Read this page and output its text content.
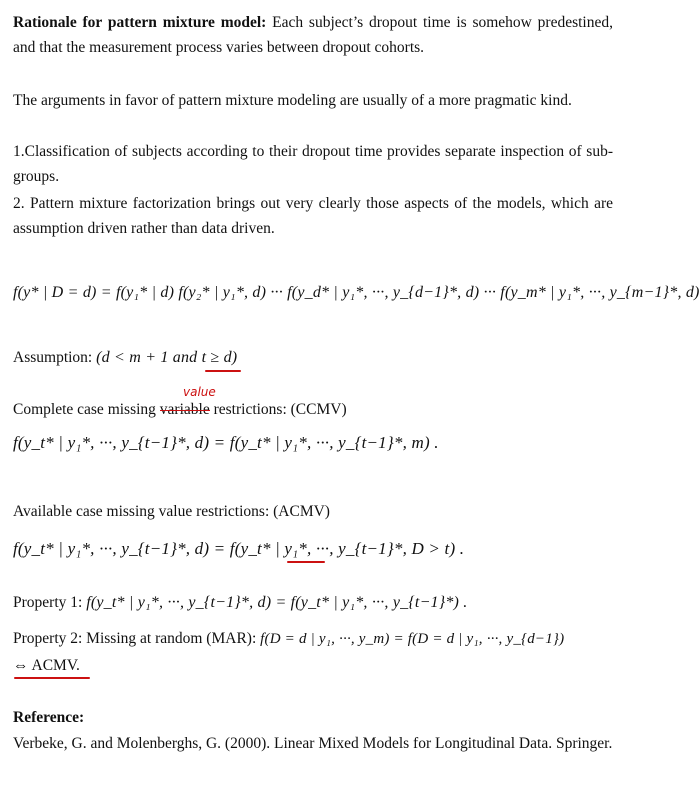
Rationale for pattern mixture model: Each subject’s dropout time is somehow predestined, and that the measurement process varies between dropout cohorts.
The arguments in favor of pattern mixture modeling are usually of a more pragmatic kind.
1.Classification of subjects according to their dropout time provides separate inspection of sub-groups.
2. Pattern mixture factorization brings out very clearly those aspects of the models, which are assumption driven rather than data driven.
f(y* | D = d) = f(y₁* | d) f(y₂* | y₁*, d) ··· f(y_d* | y₁*, ···, y_{d−1}*, d) ··· f(y_m* | y₁*, ···, y_{m−1}*, d)
Assumption: (d < m + 1 and t ≥ d)
value
Complete case missing variable restrictions: (CCMV)
f(y_t* | y₁*, ···, y_{t−1}*, d) = f(y_t* | y₁*, ···, y_{t−1}*, m) .
Available case missing value restrictions: (ACMV)
f(y_t* | y₁*, ···, y_{t−1}*, d) = f(y_t* | y₁*, ···, y_{t−1}*, D > t) .
Property 1: f(y_t* | y₁*, ···, y_{t−1}*, d) = f(y_t* | y₁*, ···, y_{t−1}*) .
Property 2: Missing at random (MAR): f(D = d | y₁, ···, y_m) = f(D = d | y₁, ···, y_{d−1})
⇔ ACMV.
Reference:
Verbeke, G. and Molenberghs, G. (2000). Linear Mixed Models for Longitudinal Data. Springer.
